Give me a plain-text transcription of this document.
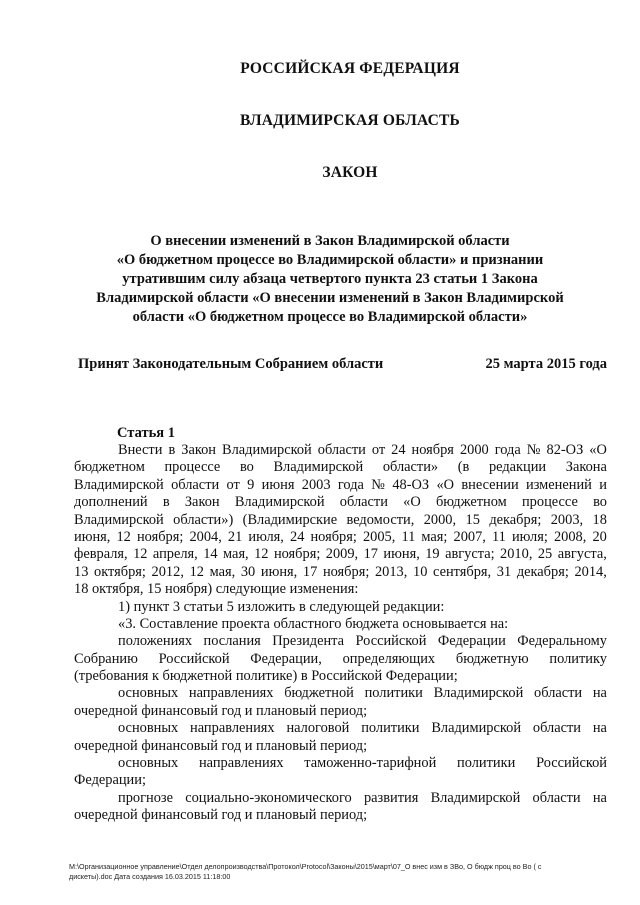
РОССИЙСКАЯ ФЕДЕРАЦИЯ
ВЛАДИМИРСКАЯ ОБЛАСТЬ
ЗАКОН
О внесении изменений в Закон Владимирской области
«О бюджетном процессе во Владимирской области» и признании
утратившим силу абзаца четвертого пункта 23 статьи 1 Закона
Владимирской области «О внесении изменений в Закон Владимирской
области «О бюджетном процессе во Владимирской области»
Принят Законодательным Собранием области	25 марта 2015 года
Статья 1
Внести в Закон Владимирской области от 24 ноября 2000 года № 82-ОЗ «О
бюджетном процессе во Владимирской области» (в редакции Закона
Владимирской области от 9 июня 2003 года № 48-ОЗ «О внесении изменений и
дополнений в Закон Владимирской области «О бюджетном процессе во
Владимирской области») (Владимирские ведомости, 2000, 15 декабря; 2003, 18
июня, 12 ноября; 2004, 21 июля, 24 ноября; 2005, 11 мая; 2007, 11 июля; 2008, 20
февраля, 12 апреля, 14 мая, 12 ноября; 2009, 17 июня, 19 августа; 2010, 25 августа,
13 октября; 2012, 12 мая, 30 июня, 17 ноября; 2013, 10 сентября, 31 декабря; 2014,
18 октября, 15 ноября) следующие изменения:
1) пункт 3 статьи 5 изложить в следующей редакции:
«3. Составление проекта областного бюджета основывается на:
положениях послания Президента Российской Федерации Федеральному
Собранию Российской Федерации, определяющих бюджетную политику
(требования к бюджетной политике) в Российской Федерации;
основных направлениях бюджетной политики Владимирской области на
очередной финансовый год и плановый период;
основных направлениях налоговой политики Владимирской области на
очередной финансовый год и плановый период;
основных направлениях таможенно-тарифной политики Российской
Федерации;
прогнозе социально-экономического развития Владимирской области на
очередной финансовый год и плановый период;
M:\Организационное управление\Отдел делопроизводства\Протокол\Protocol\Законы\2015\март\07_О внес изм в ЗВо, О бюдж проц во Во ( с
дискеты).doc Дата создания 16.03.2015 11:18:00
